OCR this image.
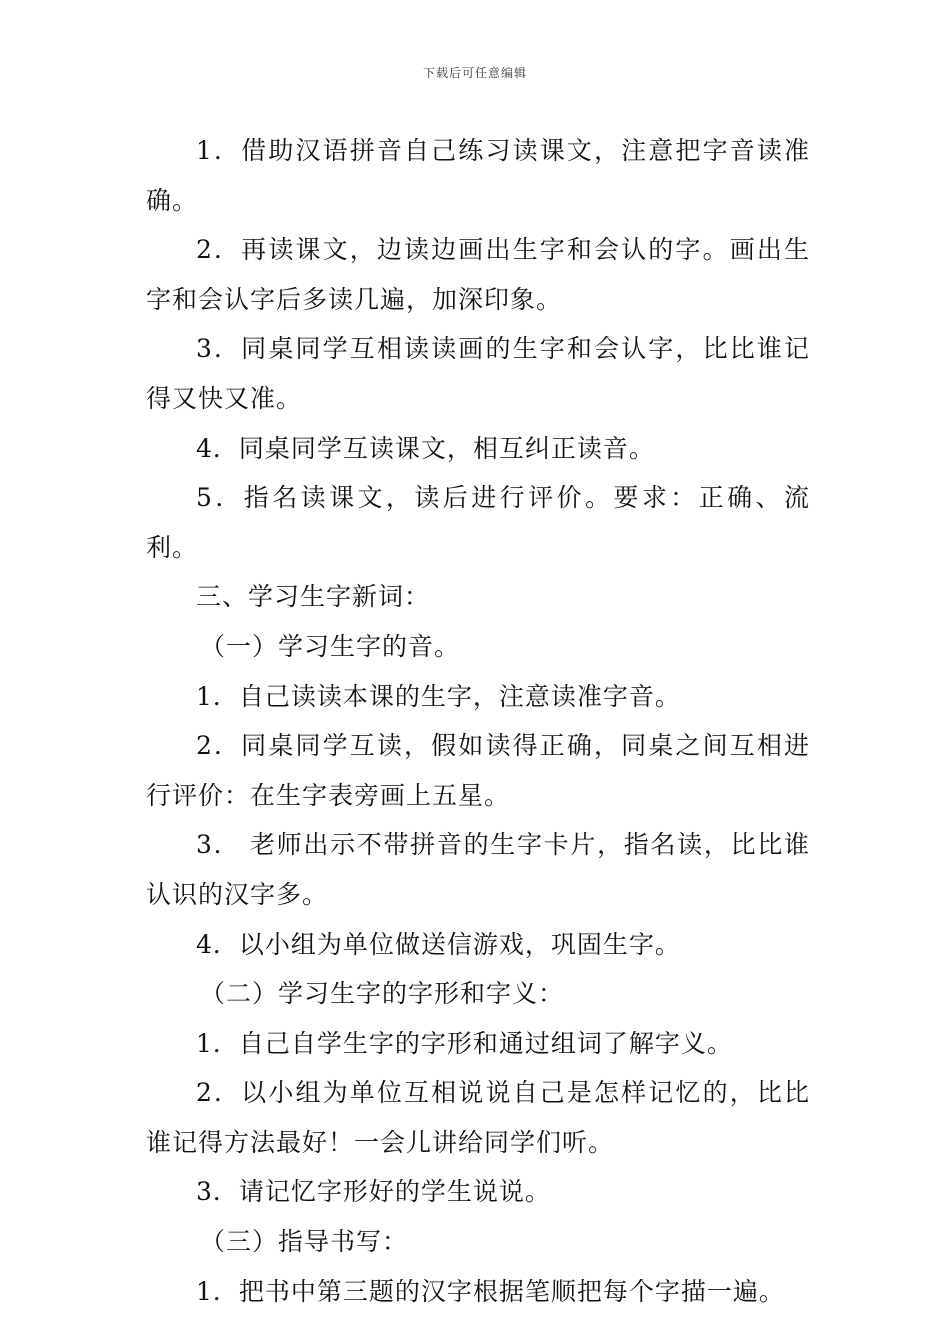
下载后可任意编辑

1．借助汉语拼音自己练习读课文，注意把字音读准确。

2．再读课文，边读边画出生字和会认的字。画出生字和会认字后多读几遍，加深印象。

3．同桌同学互相读读画的生字和会认字，比比谁记得又快又准。

4．同桌同学互读课文，相互纠正读音。

5．指名读课文，读后进行评价。要求：正确、流利。

三、学习生字新词：

（一）学习生字的音。

1．自己读读本课的生字，注意读准字音。

2．同桌同学互读，假如读得正确，同桌之间互相进行评价：在生字表旁画上五星。

3． 老师出示不带拼音的生字卡片，指名读，比比谁认识的汉字多。

4．以小组为单位做送信游戏，巩固生字。

（二）学习生字的字形和字义：

1．自己自学生字的字形和通过组词了解字义。

2．以小组为单位互相说说自己是怎样记忆的，比比谁记得方法最好！一会儿讲给同学们听。

3．请记忆字形好的学生说说。

（三）指导书写：

1．把书中第三题的汉字根据笔顺把每个字描一遍。
